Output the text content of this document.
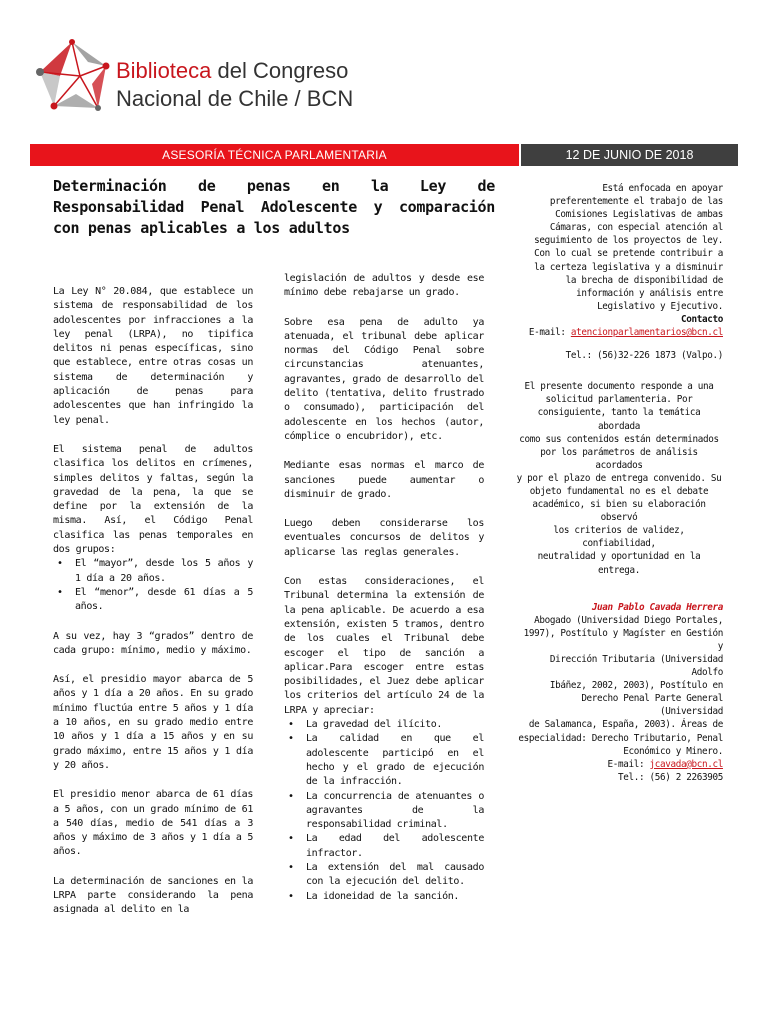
Biblioteca del Congreso
Nacional de Chile / BCN
ASESORÍA TÉCNICA PARLAMENTARIA	12 DE JUNIO DE 2018
Determinación de penas en la Ley de Responsabilidad Penal Adolescente y comparación con penas aplicables a los adultos

La Ley N° 20.084, que establece un sistema de responsabilidad de los adolescentes por infracciones a la ley penal (LRPA), no tipifica delitos ni penas específicas, sino que establece, entre otras cosas un sistema de determinación y aplicación de penas para adolescentes que han infringido la ley penal.

El sistema penal de adultos clasifica los delitos en crímenes, simples delitos y faltas, según la gravedad de la pena, la que se define por la extensión de la misma. Así, el Código Penal clasifica las penas temporales en dos grupos:

• El “mayor”, desde los 5 años y 1 día a 20 años.
• El “menor”, desde 61 días a 5 años.

A su vez, hay 3 “grados” dentro de cada grupo: mínimo, medio y máximo.

Así, el presidio mayor abarca de 5 años y 1 día a 20 años. En su grado mínimo fluctúa entre 5 años y 1 día a 10 años, en su grado medio entre 10 años y 1 día a 15 años y en su grado máximo, entre 15 años y 1 día y 20 años.

El presidio menor abarca de 61 días a 5 años, con un grado mínimo de 61 a 540 días, medio de 541 días a 3 años y máximo de 3 años y 1 día a 5 años.

La determinación de sanciones en la LRPA parte considerando la pena asignada al delito en la

legislación de adultos y desde ese mínimo debe rebajarse un grado.

Sobre esa pena de adulto ya atenuada, el tribunal debe aplicar normas del Código Penal sobre circunstancias atenuantes, agravantes, grado de desarrollo del delito (tentativa, delito frustrado o consumado), participación del adolescente en los hechos (autor, cómplice o encubridor), etc.

Mediante esas normas el marco de sanciones puede aumentar o disminuir de grado.

Luego deben considerarse los eventuales concursos de delitos y aplicarse las reglas generales.

Con estas consideraciones, el Tribunal determina la extensión de la pena aplicable. De acuerdo a esa extensión, existen 5 tramos, dentro de los cuales el Tribunal debe escoger el tipo de sanción a aplicar.Para escoger entre estas posibilidades, el Juez debe aplicar los criterios del artículo 24 de la LRPA y apreciar:

• La gravedad del ilícito.
• La calidad en que el adolescente participó en el hecho y el grado de ejecución de la infracción.
• La concurrencia de atenuantes o agravantes de la responsabilidad criminal.
• La edad del adolescente infractor.
• La extensión del mal causado con la ejecución del delito.
• La idoneidad de la sanción.

Está enfocada en apoyar

preferentemente el trabajo de las

Comisiones Legislativas de ambas

Cámaras, con especial atención al

seguimiento de los proyectos de ley.

Con lo cual se pretende contribuir a

la certeza legislativa y a disminuir

la brecha de disponibilidad de

información y análisis entre

Legislativo y Ejecutivo.

Contacto

E-mail: atencionparlamentarios@bcn.cl

Tel.: (56)32-226 1873 (Valpo.)

El presente documento responde a una

solicitud parlamenteria. Por

consiguiente, tanto la temática abordada

como sus contenidos están determinados

por los parámetros de análisis acordados

y por el plazo de entrega convenido. Su

objeto fundamental no es el debate

académico, si bien su elaboración observó

los criterios de validez, confiabilidad,

neutralidad y oportunidad en la entrega.

Juan Pablo Cavada Herrera

Abogado (Universidad Diego Portales,

1997), Postítulo y Magíster en Gestión y

Dirección Tributaria (Universidad Adolfo

Ibáñez, 2002, 2003), Postítulo en

Derecho Penal Parte General (Universidad

de Salamanca, España, 2003). Áreas de

especialidad: Derecho Tributario, Penal

Económico y Minero.

E-mail: jcavada@bcn.cl

Tel.: (56) 2 2263905
